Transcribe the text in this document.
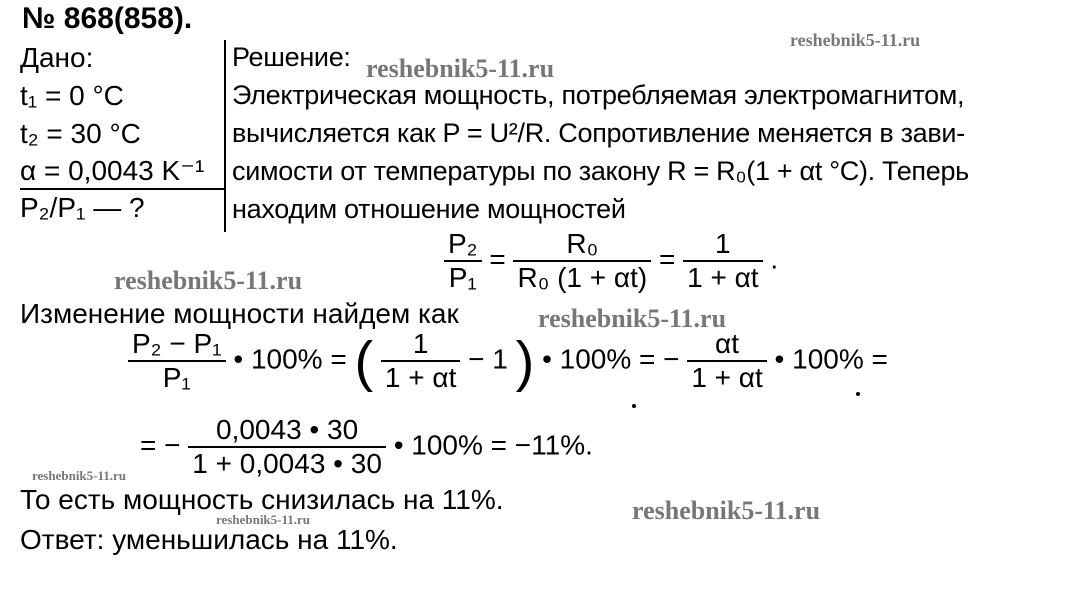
№ 868(858).
Дано:
t₁ = 0 °C
t₂ = 30 °C
α = 0,0043 K⁻¹
P₂/P₁ — ?
Решение:
Электрическая мощность, потребляемая электромагнитом,
вычисляется как P = U²/R. Сопротивление меняется в зави-
симости от температуры по закону R = R₀(1 + αt °C). Теперь
находим отношение мощностей
$\frac{\text{P₂}}{\text{P₁}} = \frac{\text{R₀}}{\text{R₀ (1 + αt)}} = \frac{1}{1 + \alpha t}$ .
Изменение мощности найдем как
$\frac{\text{P₂ − P₁}}{\text{P₁}}$ • 100% = ( $\frac{1}{1 + \alpha t} - 1$ ) • 100% = − $\frac{\alpha t}{1 + \alpha t}$ • 100% =
= − $\frac{0,0043 • 30}{1 + 0,0043 • 30}$ • 100% = −11%.
То есть мощность снизилась на 11%.
Ответ: уменьшилась на 11%.
reshebnik5-11.ru
reshebnik5-11.ru
reshebnik5-11.ru
reshebnik5-11.ru
reshebnik5-11.ru
reshebnik5-11.ru
reshebnik5-11.ru
